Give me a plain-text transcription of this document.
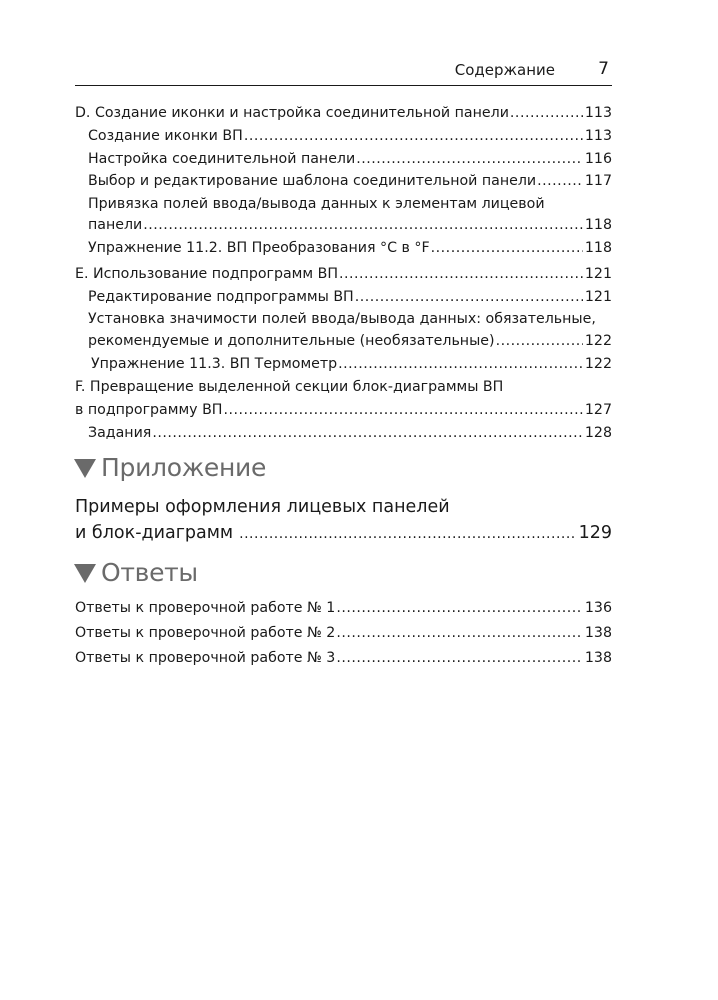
Содержание	7
D. Создание иконки и настройка соединительной панели .....	113
Создание иконки ВП .....	113
Настройка соединительной панели .....	116
Выбор и редактирование шаблона соединительной панели .....	117
Привязка полей ввода/вывода данных к элементам лицевой
панели .....	118
Упражнение 11.2. ВП Преобразования °С в °F .....	118
E. Использование подпрограмм ВП .....	121
Редактирование подпрограммы ВП .....	121
Установка значимости полей ввода/вывода данных: обязательные,
рекомендуемые и дополнительные (необязательные) .....	122
Упражнение 11.3. ВП Термометр .....	122
F. Превращение выделенной секции блок-диаграммы ВП
в подпрограмму ВП .....	127
Задания .....	128
Приложение
Примеры оформления лицевых панелей
и блок-диаграмм .....	129
Ответы
Ответы к проверочной работе № 1 .....	136
Ответы к проверочной работе № 2 .....	138
Ответы к проверочной работе № 3 .....	138
